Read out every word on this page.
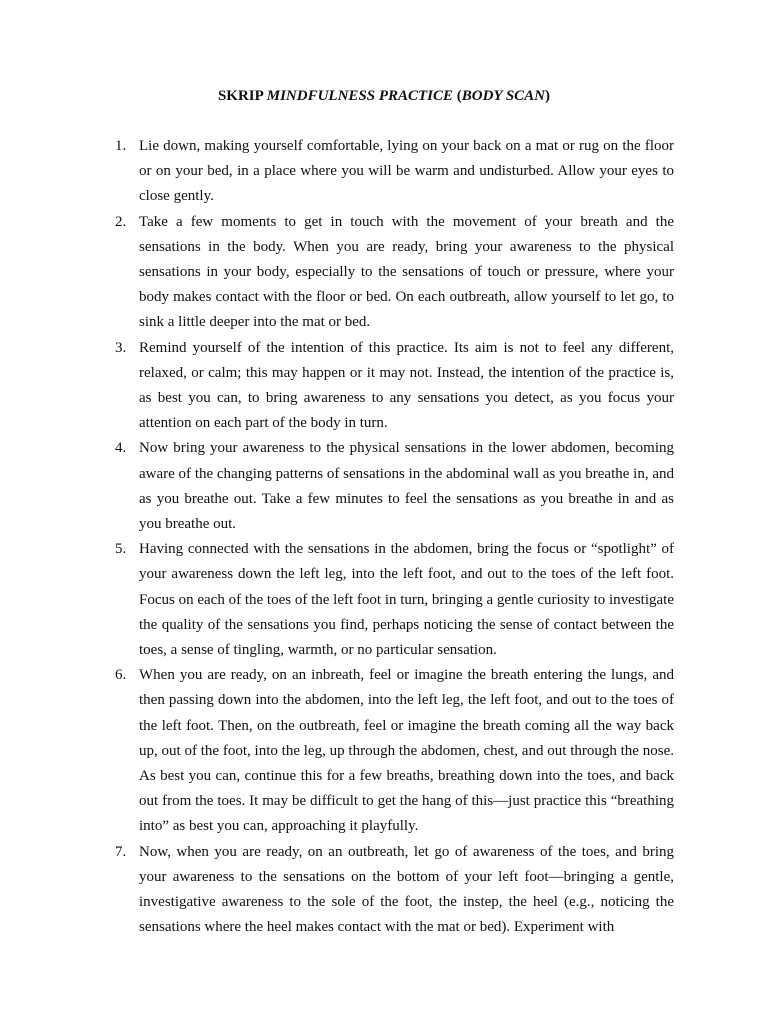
SKRIP MINDFULNESS PRACTICE (BODY SCAN)
1. Lie down, making yourself comfortable, lying on your back on a mat or rug on the floor or on your bed, in a place where you will be warm and undisturbed. Allow your eyes to close gently.
2. Take a few moments to get in touch with the movement of your breath and the sensations in the body. When you are ready, bring your awareness to the physical sensations in your body, especially to the sensations of touch or pressure, where your body makes contact with the floor or bed. On each outbreath, allow yourself to let go, to sink a little deeper into the mat or bed.
3. Remind yourself of the intention of this practice. Its aim is not to feel any different, relaxed, or calm; this may happen or it may not. Instead, the intention of the practice is, as best you can, to bring awareness to any sensations you detect, as you focus your attention on each part of the body in turn.
4. Now bring your awareness to the physical sensations in the lower abdomen, becoming aware of the changing patterns of sensations in the abdominal wall as you breathe in, and as you breathe out. Take a few minutes to feel the sensations as you breathe in and as you breathe out.
5. Having connected with the sensations in the abdomen, bring the focus or “spotlight” of your awareness down the left leg, into the left foot, and out to the toes of the left foot. Focus on each of the toes of the left foot in turn, bringing a gentle curiosity to investigate the quality of the sensations you find, perhaps noticing the sense of contact between the toes, a sense of tingling, warmth, or no particular sensation.
6. When you are ready, on an inbreath, feel or imagine the breath entering the lungs, and then passing down into the abdomen, into the left leg, the left foot, and out to the toes of the left foot. Then, on the outbreath, feel or imagine the breath coming all the way back up, out of the foot, into the leg, up through the abdomen, chest, and out through the nose. As best you can, continue this for a few breaths, breathing down into the toes, and back out from the toes. It may be difficult to get the hang of this—just practice this “breathing into” as best you can, approaching it playfully.
7. Now, when you are ready, on an outbreath, let go of awareness of the toes, and bring your awareness to the sensations on the bottom of your left foot—bringing a gentle, investigative awareness to the sole of the foot, the instep, the heel (e.g., noticing the sensations where the heel makes contact with the mat or bed). Experiment with
